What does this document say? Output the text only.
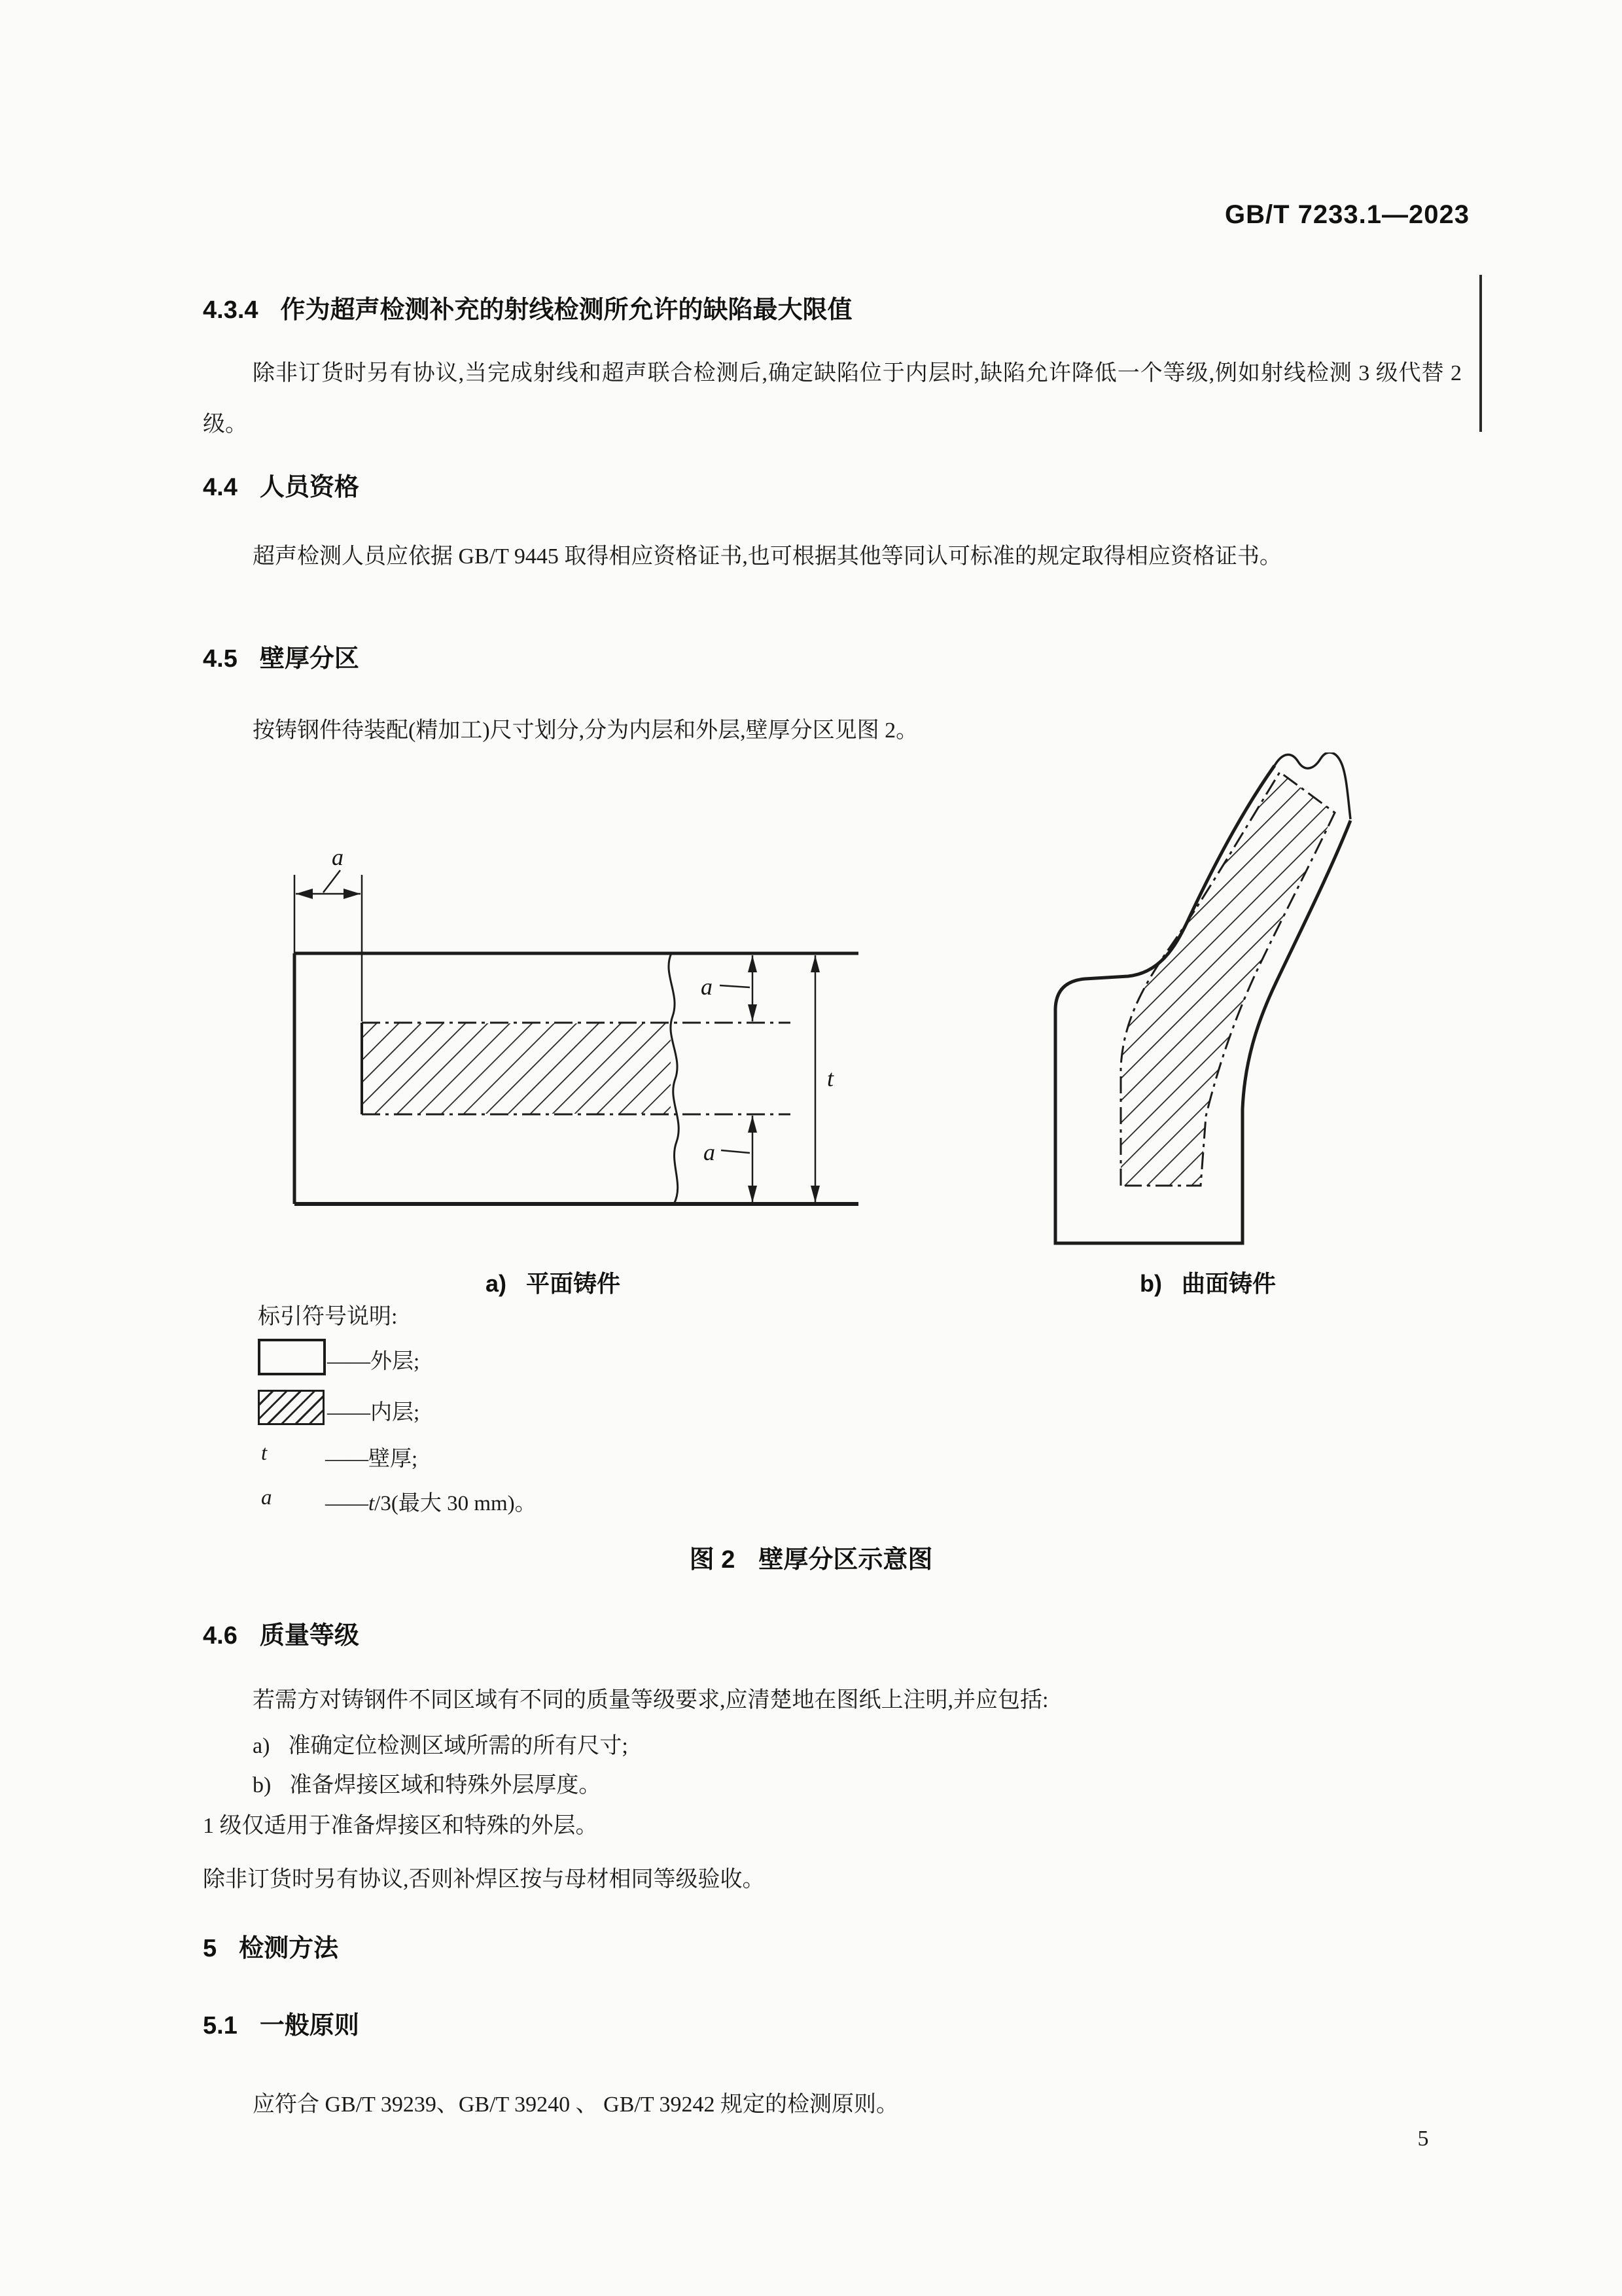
GB/T 7233.1—2023
4.3.4 作为超声检测补充的射线检测所允许的缺陷最大限值
除非订货时另有协议,当完成射线和超声联合检测后,确定缺陷位于内层时,缺陷允许降低一个等级,例如射线检测 3 级代替 2 级。
4.4 人员资格
超声检测人员应依据 GB/T 9445 取得相应资格证书,也可根据其他等同认可标准的规定取得相应资格证书。
4.5 壁厚分区
按铸钢件待装配(精加工)尺寸划分,分为内层和外层,壁厚分区见图 2。
a
a
a
t
a) 平面铸件	b) 曲面铸件
标引符号说明:
——外层;
——内层;
t	——壁厚;
a ——t/3(最大 30 mm)。
图 2 壁厚分区示意图
4.6 质量等级
若需方对铸钢件不同区域有不同的质量等级要求,应清楚地在图纸上注明,并应包括:
a) 准确定位检测区域所需的所有尺寸;
b) 准备焊接区域和特殊外层厚度。
1 级仅适用于准备焊接区和特殊的外层。
除非订货时另有协议,否则补焊区按与母材相同等级验收。
5 检测方法
5.1 一般原则
应符合 GB/T 39239、GB/T 39240 、 GB/T 39242 规定的检测原则。
5
